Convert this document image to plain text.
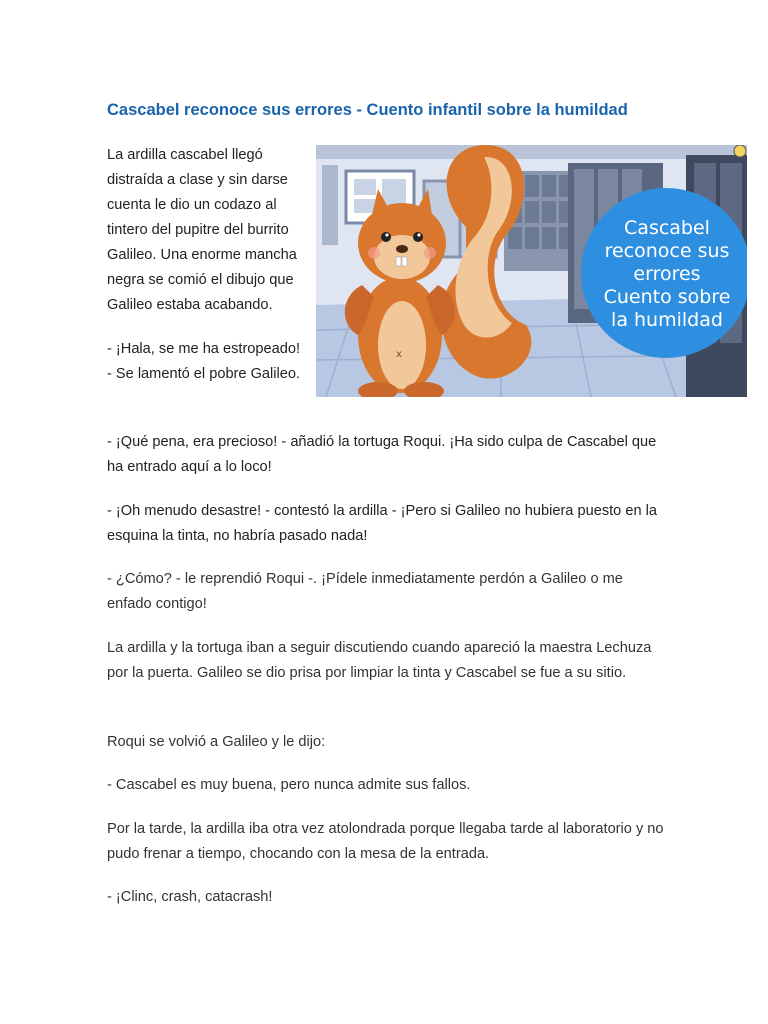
Cascabel reconoce sus errores - Cuento infantil sobre la humildad
x
Cascabel
reconoce sus
errores
Cuento sobre
la humildad

La ardilla cascabel llegó distraída a clase y sin darse cuenta le dio un codazo al tintero del pupitre del burrito Galileo. Una enorme mancha negra se comió el dibujo que Galileo estaba acabando.

- ¡Hala, se me ha estropeado! - Se lamentó el pobre Galileo.

- ¡Qué pena, era precioso! - añadió la tortuga Roqui. ¡Ha sido culpa de Cascabel que ha entrado aquí a lo loco!

- ¡Oh menudo desastre! - contestó la ardilla - ¡Pero si Galileo no hubiera puesto en la esquina la tinta, no habría pasado nada!

- ¿Cómo? - le reprendió Roqui -. ¡Pídele inmediatamente perdón a Galileo o me enfado contigo!

La ardilla y la tortuga iban a seguir discutiendo cuando apareció la maestra Lechuza por la puerta. Galileo se dio prisa por limpiar la tinta y Cascabel se fue a su sitio.

Roqui se volvió a Galileo y le dijo:

- Cascabel es muy buena, pero nunca admite sus fallos.

Por la tarde, la ardilla iba otra vez atolondrada porque llegaba tarde al laboratorio y no pudo frenar a tiempo, chocando con la mesa de la entrada.

- ¡Clinc, crash, catacrash!
